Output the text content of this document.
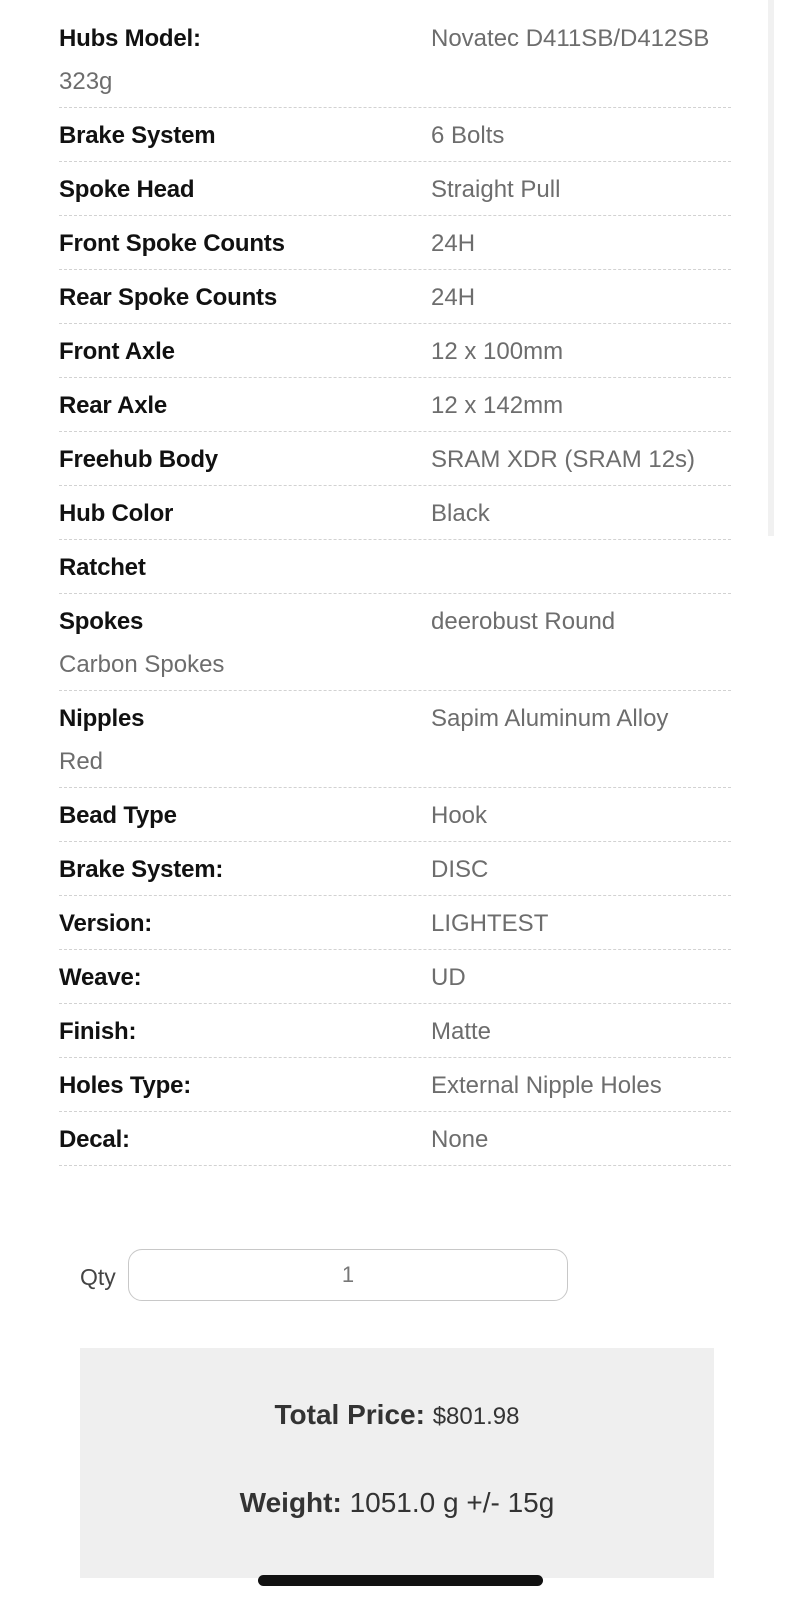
Hubs Model:	Novatec D411SB/D412SB
323g
Brake System	6 Bolts
Spoke Head	Straight Pull
Front Spoke Counts	24H
Rear Spoke Counts	24H
Front Axle	12 x 100mm
Rear Axle	12 x 142mm
Freehub Body	SRAM XDR (SRAM 12s)
Hub Color	Black
Ratchet
Spokes	deerobust Round
Carbon Spokes
Nipples	Sapim Aluminum Alloy
Red
Bead Type	Hook
Brake System:	DISC
Version:	LIGHTEST
Weave:	UD
Finish:	Matte
Holes Type:	External Nipple Holes
Decal:	None
Qty	1
Total Price: $801.98
Weight: 1051.0 g +/- 15g
